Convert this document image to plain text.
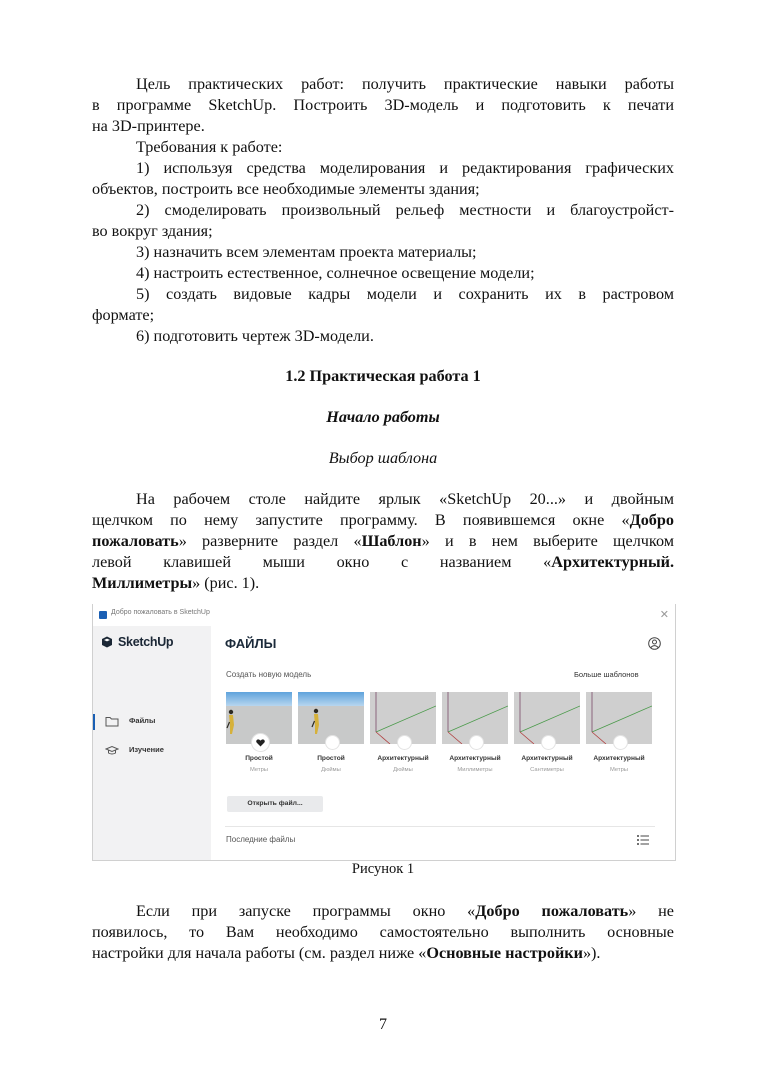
Цель практических работ: получить практические навыки работы
в программе SketchUp. Построить 3D-модель и подготовить к печати
на 3D-принтере.
Требования к работе:
1) используя средства моделирования и редактирования графических
объектов, построить все необходимые элементы здания;
2) смоделировать произвольный рельеф местности и благоустройст-
во вокруг здания;
3) назначить всем элементам проекта материалы;
4) настроить естественное, солнечное освещение модели;
5) создать видовые кадры модели и сохранить их в растровом
формате;
6) подготовить чертеж 3D-модели.

1.2 Практическая работа 1

Начало работы

Выбор шаблона

На рабочем столе найдите ярлык «SketchUp 20...» и двойным
щелчком по нему запустите программу. В появившемся окне «Добро
пожаловать» разверните раздел «Шаблон» и в нем выберите щелчком
левой клавишей мыши окно с названием «Архитектурный.
Миллиметры» (рис. 1).
Добро пожаловать в SketchUp	✕
SketchUp
Файлы
Изучение
ФАЙЛЫ
Создать новую модель	Больше шаблонов
Простой
Метры
Простой
Дюймы
Архитектурный
Дюймы
Архитектурный
Миллиметры
Архитектурный
Сантиметры
Архитектурный
Метры
Открыть файл...
Последние файлы

Рисунок 1

Если при запуске программы окно «Добро пожаловать» не
появилось, то Вам необходимо самостоятельно выполнить основные
настройки для начала работы (см. раздел ниже «Основные настройки»).

7
